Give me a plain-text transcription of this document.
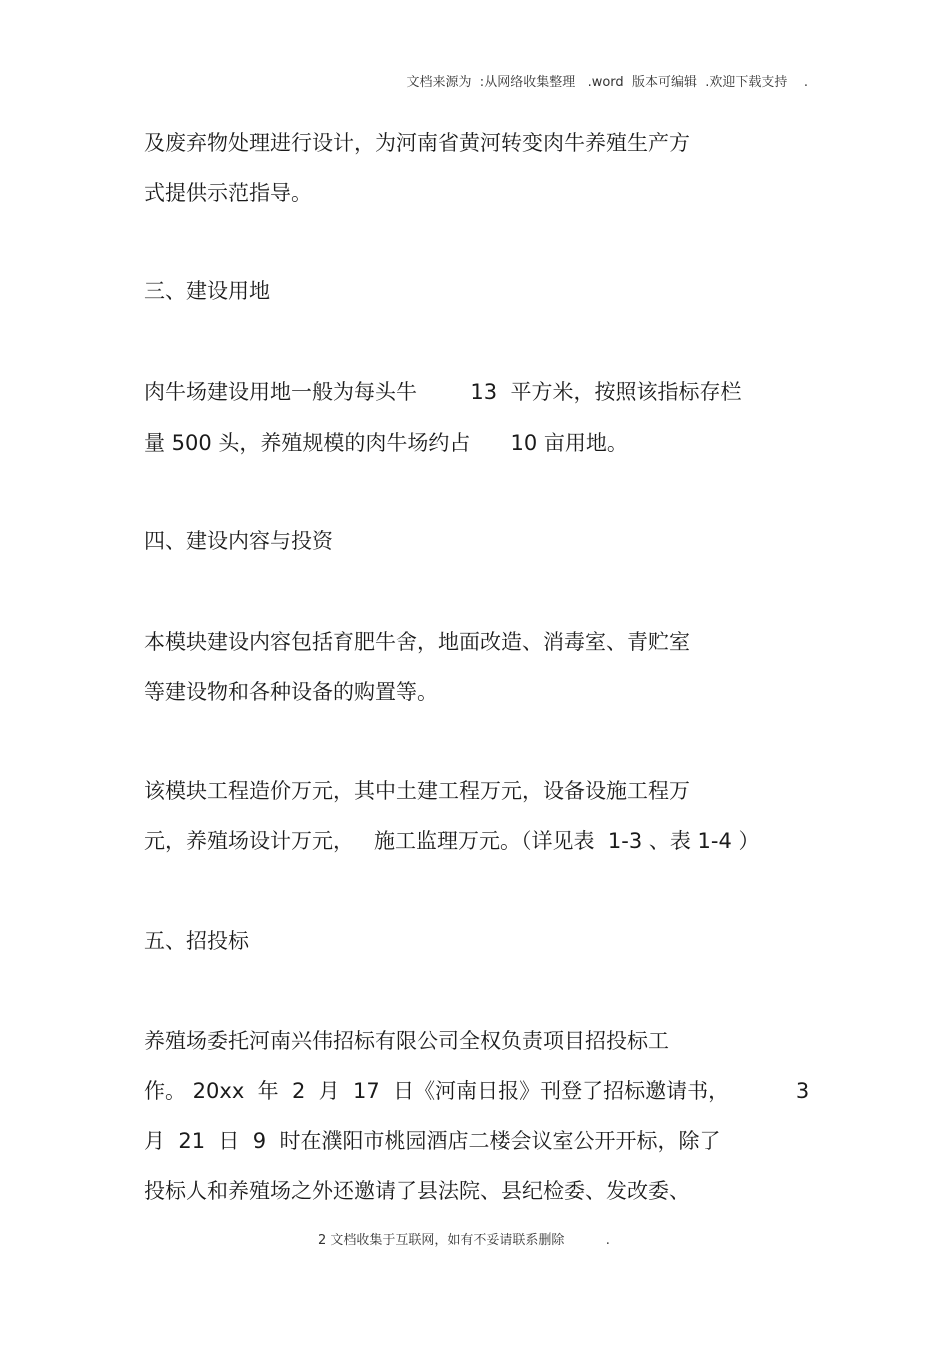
文档来源为  :从网络收集整理   .word  版本可编辑  .欢迎下载支持    .
及废弃物处理进行设计，为河南省黄河转变肉牛养殖生产方
式提供示范指导。
三、建设用地
肉牛场建设用地一般为每头牛        13  平方米，按照该指标存栏
量 500 头，养殖规模的肉牛场约占      10 亩用地。
四、建设内容与投资
本模块建设内容包括育肥牛舍，地面改造、消毒室、青贮室
等建设物和各种设备的购置等。
该模块工程造价万元，其中土建工程万元，设备设施工程万
元，养殖场设计万元，   施工监理万元。（详见表  1-3 、表 1-4 ）
五、招投标
养殖场委托河南兴伟招标有限公司全权负责项目招投标工
作。 20xx  年  2  月  17  日《河南日报》刊登了招标邀请书，          3
月  21  日  9  时在濮阳市桃园酒店二楼会议室公开开标，除了
投标人和养殖场之外还邀请了县法院、县纪检委、发改委、
2 文档收集于互联网，如有不妥请联系删除          .
